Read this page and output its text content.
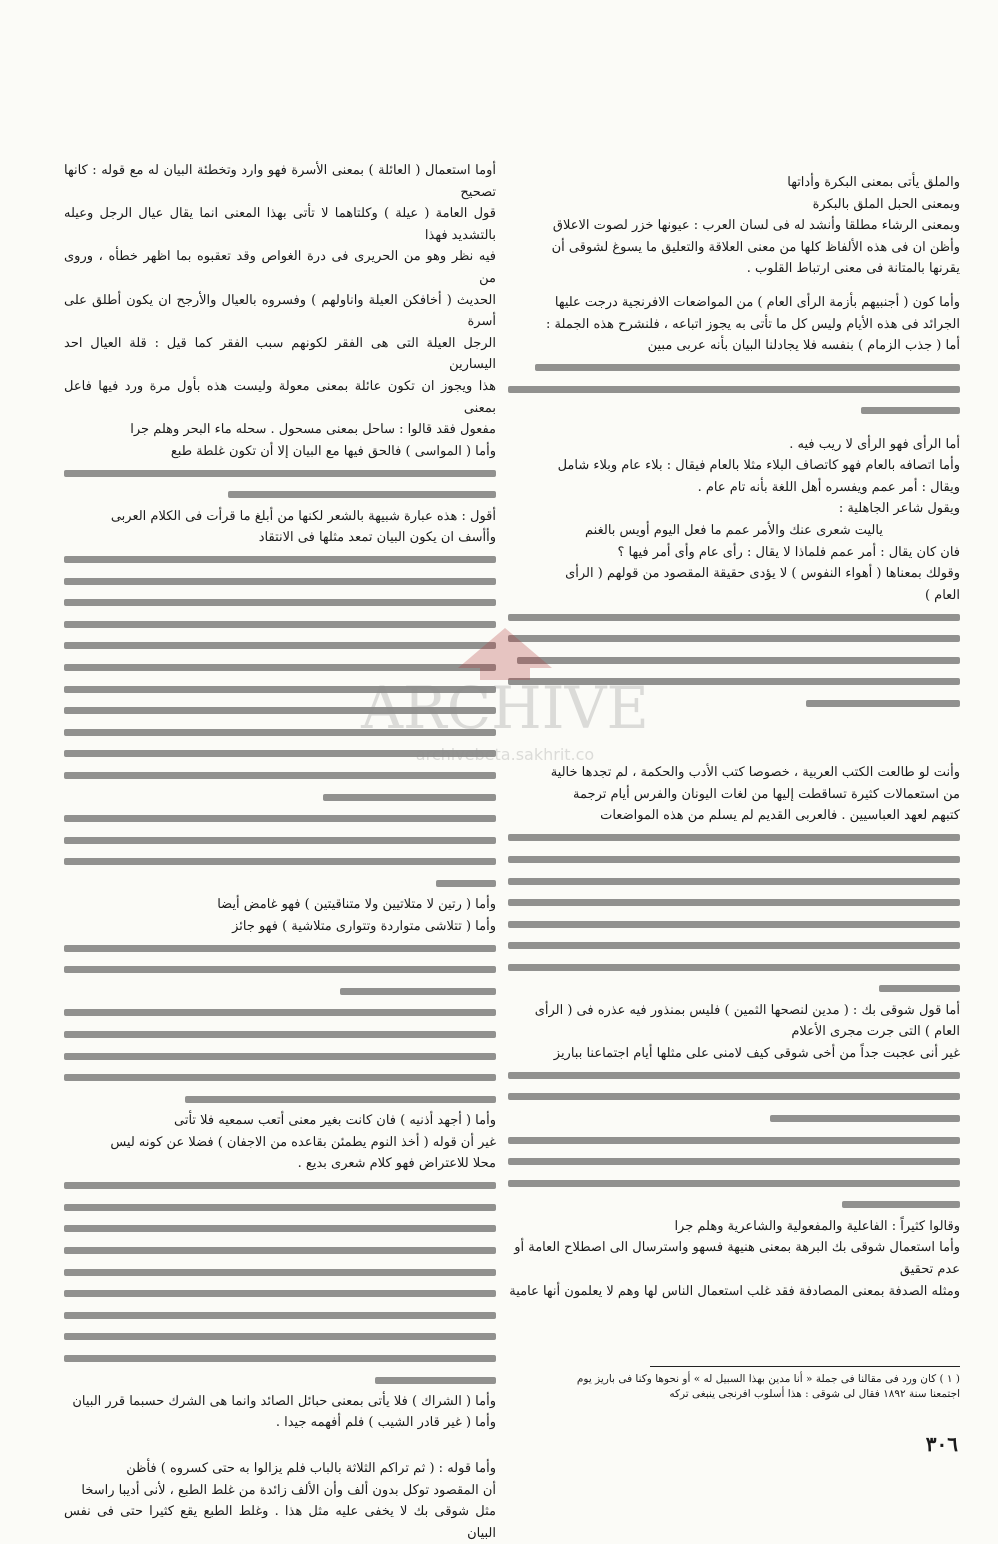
والملق يأتى بمعنى البكرة وأداتها

وبمعنى الحبل الملق بالبكرة

وبمعنى الرشاء مطلقا وأنشد له فى لسان العرب : عيونها خزر لصوت الاعلاق

وأظن ان فى هذه الألفاظ كلها من معنى العلاقة والتعليق ما يسوغ لشوقى أن

يقرنها بالمتانة فى معنى ارتباط القلوب .

وأما كون ( أجنبيهم بأزمة الرأى العام ) من المواضعات الافرنجية درجت عليها

الجرائد فى هذه الأيام وليس كل ما تأتى به يجوز اتباعه ، فلنشرح هذه الجملة :

أما ( جذب الزمام ) بنفسه فلا يجادلنا البيان بأنه عربى مبين

أما الرأى فهو الرأى لا ريب فيه .

وأما اتصافه بالعام فهو كاتصاف البلاء مثلا بالعام فيقال : بلاء عام وبلاء شامل

ويقال : أمر عمم ويفسره أهل اللغة بأنه تام عام .

ويقول شاعر الجاهلية :

ياليت شعرى عنك والأمر عمم ما فعل اليوم أويس بالغنم

فان كان يقال : أمر عمم فلماذا لا يقال : رأى عام وأى أمر فيها ؟

وقولك بمعناها ( أهواء النفوس ) لا يؤدى حقيقة المقصود من قولهم ( الرأى

العام )

وأنت لو طالعت الكتب العربية ، خصوصا كتب الأدب والحكمة ، لم تجدها خالية

من استعمالات كثيرة تساقطت إليها من لغات اليونان والفرس أيام ترجمة

كتبهم لعهد العباسيين . فالعربى القديم لم يسلم من هذه المواضعات

أما قول شوقى بك : ( مدين لنصحها الثمين ) فليس بمنذور فيه عذره فى ( الرأى

العام ) التى جرت مجرى الأعلام

غير أنى عجبت جداً من أخى شوقى كيف لامنى على مثلها أيام اجتماعنا بباريز

وقالوا كثيراً : الفاعلية والمفعولية والشاعرية وهلم جرا

وأما استعمال شوقى بك البرهة بمعنى هنيهة فسهو واسترسال الى اصطلاح العامة أو

عدم تحقيق

ومثله الصدفة بمعنى المصادفة فقد غلب استعمال الناس لها وهم لا يعلمون أنها عامية

أوما استعمال ( العائلة ) بمعنى الأسرة فهو وارد وتخطئة البيان له مع قوله : كانها تصحيح

قول العامة ( عيلة ) وكلتاهما لا تأتى بهذا المعنى انما يقال عيال الرجل وعيله بالتشديد فهذا

فيه نظر وهو من الحريرى فى درة الغواص وقد تعقبوه بما اظهر خطأه ، وروى من

الحديث ( أخافكن العيلة واناولهم ) وفسروه بالعيال والأرجح ان يكون أطلق على أسرة

الرجل العيلة التى هى الفقر لكونهم سبب الفقر كما قيل : قلة العيال احد اليسارين

هذا ويجوز ان تكون عائلة بمعنى معولة وليست هذه بأول مرة ورد فيها فاعل بمعنى

مفعول فقد قالوا : ساحل بمعنى مسحول . سحله ماء البحر وهلم جرا

وأما ( المواسى ) فالحق فيها مع البيان إلا أن تكون غلطة طبع

أقول : هذه عبارة شبيهة بالشعر لكنها من أبلغ ما قرأت فى الكلام العربى

وأأسف ان يكون البيان تمعد مثلها فى الانتقاد

وأما ( رتين لا متلاتيين ولا متناقيتين ) فهو غامض أيضا

وأما ( تتلاشى متواردة وتتوارى متلاشية ) فهو جائز

وأما ( أجهد أذنيه ) فان كانت بغير معنى أتعب سمعيه فلا تأتى

غير أن قوله ( أخذ النوم يطمئن بقاعده من الاجفان ) فضلا عن كونه ليس

محلا للاعتراض فهو كلام شعرى بديع .

وأما ( الشراك ) فلا يأتى بمعنى حبائل الصائد وانما هى الشرك حسبما قرر البيان

وأما ( غير قادر الشيب ) فلم أفهمه جيدا .

وأما قوله : ( ثم تراكم الثلاثة بالباب فلم يزالوا به حتى كسروه ) فأظن

أن المقصود توكل بدون ألف وأن الألف زائدة من غلط الطبع ، لأنى أديبا راسخا

مثل شوقى بك لا يخفى عليه مثل هذا . وغلط الطبع يقع كثيرا حتى فى نفس البيان

( ١ ) كان ورد فى مقالنا فى جملة « أنا مدين بهذا السبيل له » أو نحوها وكنا فى باريز يوم

اجتمعنا سنة ١٨٩٢ فقال لى شوقى : هذا أسلوب افرنجى ينبغى تركه

٣٠٦
ARCHIVE
archivebeta.sakhrit.co
